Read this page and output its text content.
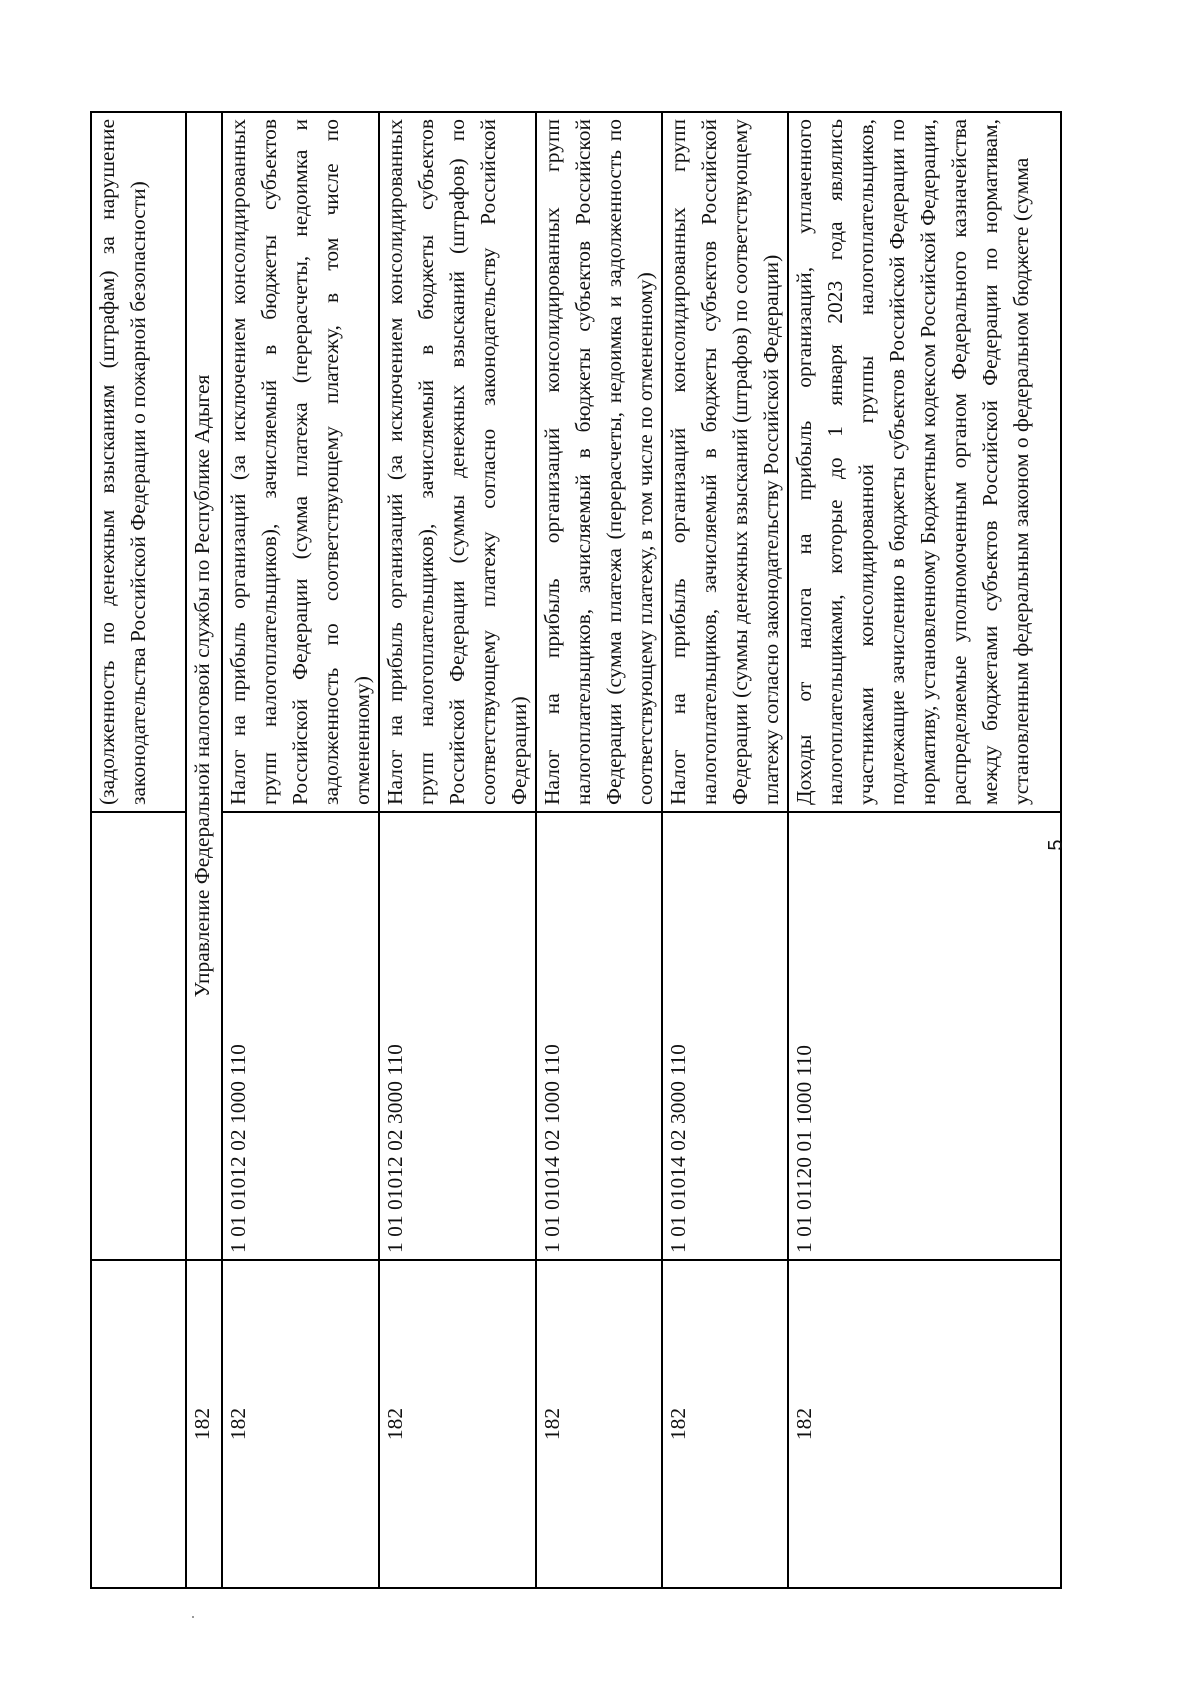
		(задолженность по денежным взысканиям (штрафам) за нарушение законодательства Российской Федерации о пожарной безопасности)
182	Управление Федеральной налоговой службы по Республике Адыгея	
182	1 01 01012 02 1000 110	Налог на прибыль организаций (за исключением консолидированных групп налогоплательщиков), зачисляемый в бюджеты субъектов Российской Федерации (сумма платежа (перерасчеты, недоимка и задолженность по соответствующему платежу, в том числе по отмененному)
182	1 01 01012 02 3000 110	Налог на прибыль организаций (за исключением консолидированных групп налогоплательщиков), зачисляемый в бюджеты субъектов Российской Федерации (суммы денежных взысканий (штрафов) по соответствующему платежу согласно законодательству Российской Федерации)
182	1 01 01014 02 1000 110	Налог на прибыль организаций консолидированных групп налогоплательщиков, зачисляемый в бюджеты субъектов Российской Федерации (сумма платежа (перерасчеты, недоимка и задолженность по соответствующему платежу, в том числе по отмененному)
182	1 01 01014 02 3000 110	Налог на прибыль организаций консолидированных групп налогоплательщиков, зачисляемый в бюджеты субъектов Российской Федерации (суммы денежных взысканий (штрафов) по соответствующему платежу согласно законодательству Российской Федерации)
182	1 01 01120 01 1000 110	Доходы от налога на прибыль организаций, уплаченного налогоплательщиками, которые до 1 января 2023 года являлись участниками консолидированной группы налогоплательщиков, подлежащие зачислению в бюджеты субъектов Российской Федерации по нормативу, установленному Бюджетным кодексом Российской Федерации, распределяемые уполномоченным органом Федерального казначейства между бюджетами субъектов Российской Федерации по нормативам, установленным федеральным законом о федеральном бюджете (сумма
5
